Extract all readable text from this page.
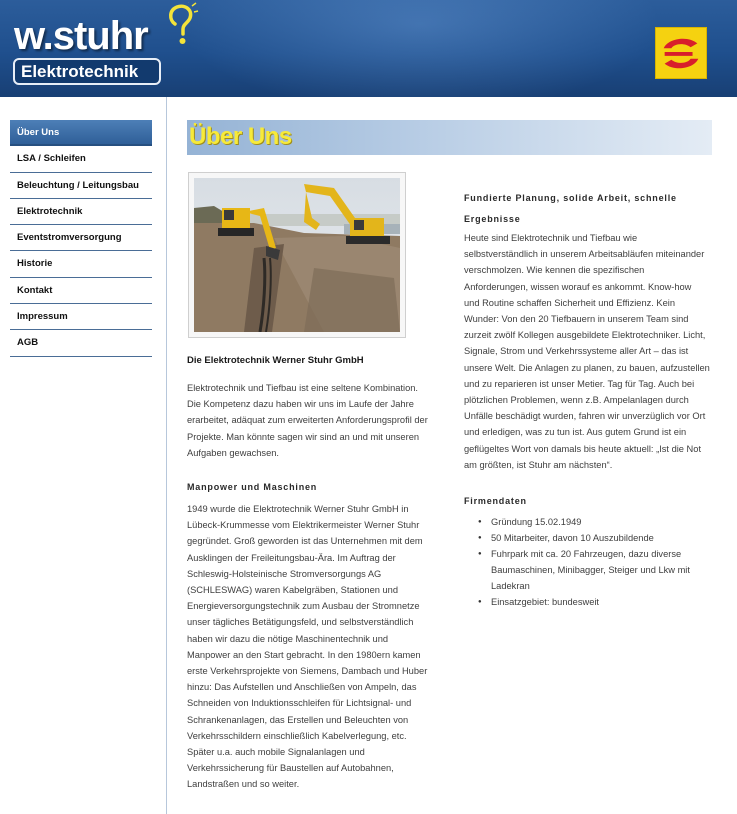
w.stuhr
Elektrotechnik
Über Uns
LSA / Schleifen
Beleuchtung / Leitungsbau
Elektrotechnik
Eventstromversorgung
Historie
Kontakt
Impressum
AGB
Über Uns
Die Elektrotechnik Werner Stuhr GmbH
Elektrotechnik und Tiefbau ist eine seltene Kombination.
Die Kompetenz dazu haben wir uns im Laufe der Jahre
erarbeitet, adäquat zum erweiterten Anforderungsprofil der
Projekte. Man könnte sagen wir sind an und mit unseren
Aufgaben gewachsen.
Manpower und Maschinen
1949 wurde die Elektrotechnik Werner Stuhr GmbH in
Lübeck-Krummesse vom Elektrikermeister Werner Stuhr
gegründet. Groß geworden ist das Unternehmen mit dem
Ausklingen der Freileitungsbau-Ära. Im Auftrag der
Schleswig-Holsteinische Stromversorgungs AG
(SCHLESWAG) waren Kabelgräben, Stationen und
Energieversorgungstechnik zum Ausbau der Stromnetze
unser tägliches Betätigungsfeld, und selbstverständlich
haben wir dazu die nötige Maschinentechnik und
Manpower an den Start gebracht. In den 1980ern kamen
erste Verkehrsprojekte von Siemens, Dambach und Huber
hinzu: Das Aufstellen und Anschließen von Ampeln, das
Schneiden von Induktionsschleifen für Lichtsignal- und
Schrankenanlagen, das Erstellen und Beleuchten von
Verkehrsschildern einschließlich Kabelverlegung, etc.
Später u.a. auch mobile Signalanlagen und
Verkehrssicherung für Baustellen auf Autobahnen,
Landstraßen und so weiter.
Fundierte Planung, solide Arbeit, schnelle
Ergebnisse
Heute sind Elektrotechnik und Tiefbau wie
selbstverständlich in unserem Arbeitsabläufen miteinander
verschmolzen. Wie kennen die spezifischen
Anforderungen, wissen worauf es ankommt. Know-how
und Routine schaffen Sicherheit und Effizienz. Kein
Wunder: Von den 20 Tiefbauern in unserem Team sind
zurzeit zwölf Kollegen ausgebildete Elektrotechniker. Licht,
Signale, Strom und Verkehrssysteme aller Art – das ist
unsere Welt. Die Anlagen zu planen, zu bauen, aufzustellen
und zu reparieren ist unser Metier. Tag für Tag. Auch bei
plötzlichen Problemen, wenn z.B. Ampelanlagen durch
Unfälle beschädigt wurden, fahren wir unverzüglich vor Ort
und erledigen, was zu tun ist. Aus gutem Grund ist ein
geflügeltes Wort von damals bis heute aktuell: „Ist die Not
am größten, ist Stuhr am nächsten“.
Firmendaten
● Gründung 15.02.1949
● 50 Mitarbeiter, davon 10 Auszubildende
● Fuhrpark mit ca. 20 Fahrzeugen, dazu diverse
Baumaschinen, Minibagger, Steiger und Lkw mit
Ladekran
● Einsatzgebiet: bundesweit
